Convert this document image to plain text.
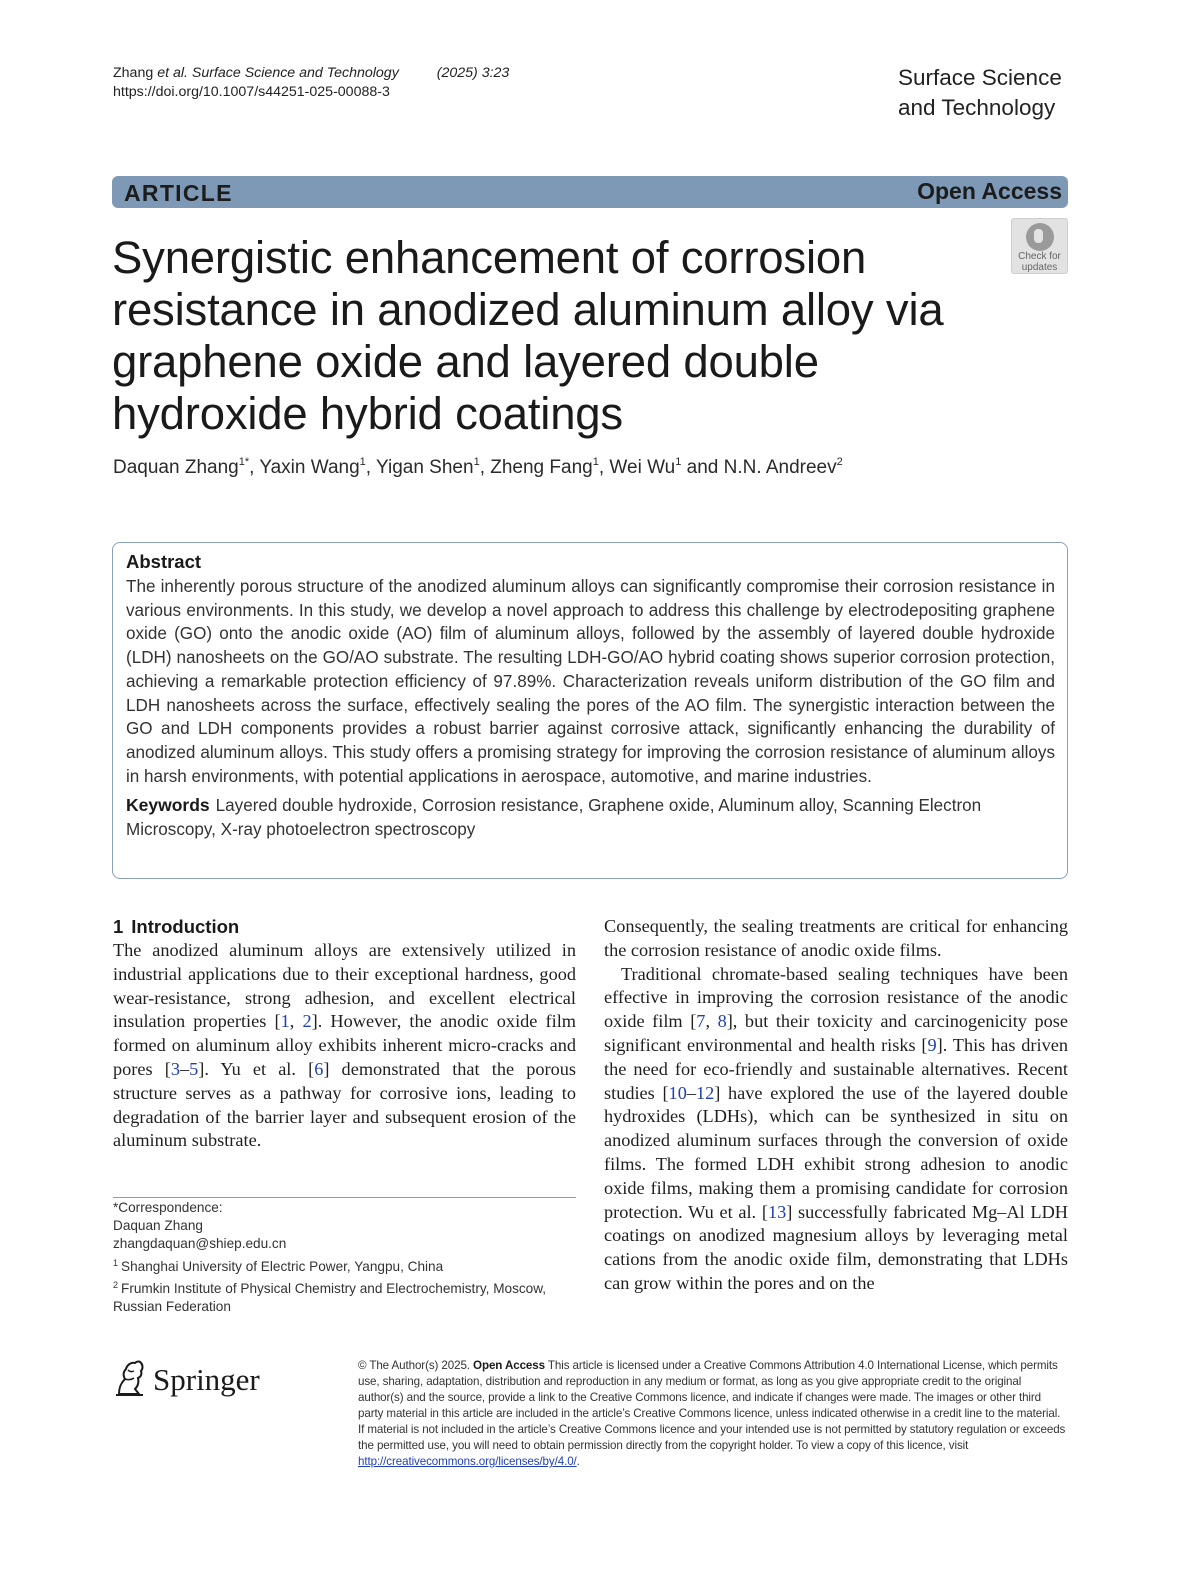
Zhang et al. Surface Science and Technology	(2025) 3:23
https://doi.org/10.1007/s44251-025-00088-3
Surface Science
and Technology
ARTICLE	Open Access
Check for
updates
Synergistic enhancement of corrosion resistance in anodized aluminum alloy via graphene oxide and layered double hydroxide hybrid coatings
Daquan Zhang$^{1*}$, Yaxin Wang$^1$, Yigan Shen$^1$, Zheng Fang$^1$, Wei Wu$^1$ and N.N. Andreev$^2$
Abstract

The inherently porous structure of the anodized aluminum alloys can significantly compromise their corrosion resistance in various environments. In this study, we develop a novel approach to address this challenge by electrodepositing graphene oxide (GO) onto the anodic oxide (AO) film of aluminum alloys, followed by the assembly of layered double hydroxide (LDH) nanosheets on the GO/AO substrate. The resulting LDH-GO/AO hybrid coating shows superior corrosion protection, achieving a remarkable protection efficiency of 97.89%. Characterization reveals uniform distribution of the GO film and LDH nanosheets across the surface, effectively sealing the pores of the AO film. The synergistic interaction between the GO and LDH components provides a robust barrier against corrosive attack, significantly enhancing the durability of anodized aluminum alloys. This study offers a promising strategy for improving the corrosion resistance of aluminum alloys in harsh environments, with potential applications in aerospace, automotive, and marine industries.

Keywords Layered double hydroxide, Corrosion resistance, Graphene oxide, Aluminum alloy, Scanning Electron Microscopy, X-ray photoelectron spectroscopy

1 Introduction

The anodized aluminum alloys are extensively utilized in industrial applications due to their exceptional hardness, good wear-resistance, strong adhesion, and excellent electrical insulation properties [1, 2]. However, the anodic oxide film formed on aluminum alloy exhibits inherent micro-cracks and pores [3–5]. Yu et al. [6] demonstrated that the porous structure serves as a pathway for corrosive ions, leading to degradation of the barrier layer and subsequent erosion of the aluminum substrate.

Consequently, the sealing treatments are critical for enhancing the corrosion resistance of anodic oxide films.

Traditional chromate-based sealing techniques have been effective in improving the corrosion resistance of the anodic oxide film [7, 8], but their toxicity and carcinogenicity pose significant environmental and health risks [9]. This has driven the need for eco-friendly and sustainable alternatives. Recent studies [10–12] have explored the use of the layered double hydroxides (LDHs), which can be synthesized in situ on anodized aluminum surfaces through the conversion of oxide films. The formed LDH exhibit strong adhesion to anodic oxide films, making them a promising candidate for corrosion protection. Wu et al. [13] successfully fabricated Mg–Al LDH coatings on anodized magnesium alloys by leveraging metal cations from the anodic oxide film, demonstrating that LDHs can grow within the pores and on the

*Correspondence:
Daquan Zhang
zhangdaquan@shiep.edu.cn
$^1$ Shanghai University of Electric Power, Yangpu, China
$^2$ Frumkin Institute of Physical Chemistry and Electrochemistry, Moscow, Russian Federation
Springer	© The Author(s) 2025. Open Access This article is licensed under a Creative Commons Attribution 4.0 International License, which permits use, sharing, adaptation, distribution and reproduction in any medium or format, as long as you give appropriate credit to the original author(s) and the source, provide a link to the Creative Commons licence, and indicate if changes were made. The images or other third party material in this article are included in the article’s Creative Commons licence, unless indicated otherwise in a credit line to the material. If material is not included in the article’s Creative Commons licence and your intended use is not permitted by statutory regulation or exceeds the permitted use, you will need to obtain permission directly from the copyright holder. To view a copy of this licence, visit http://creativecommons.org/licenses/by/4.0/.
